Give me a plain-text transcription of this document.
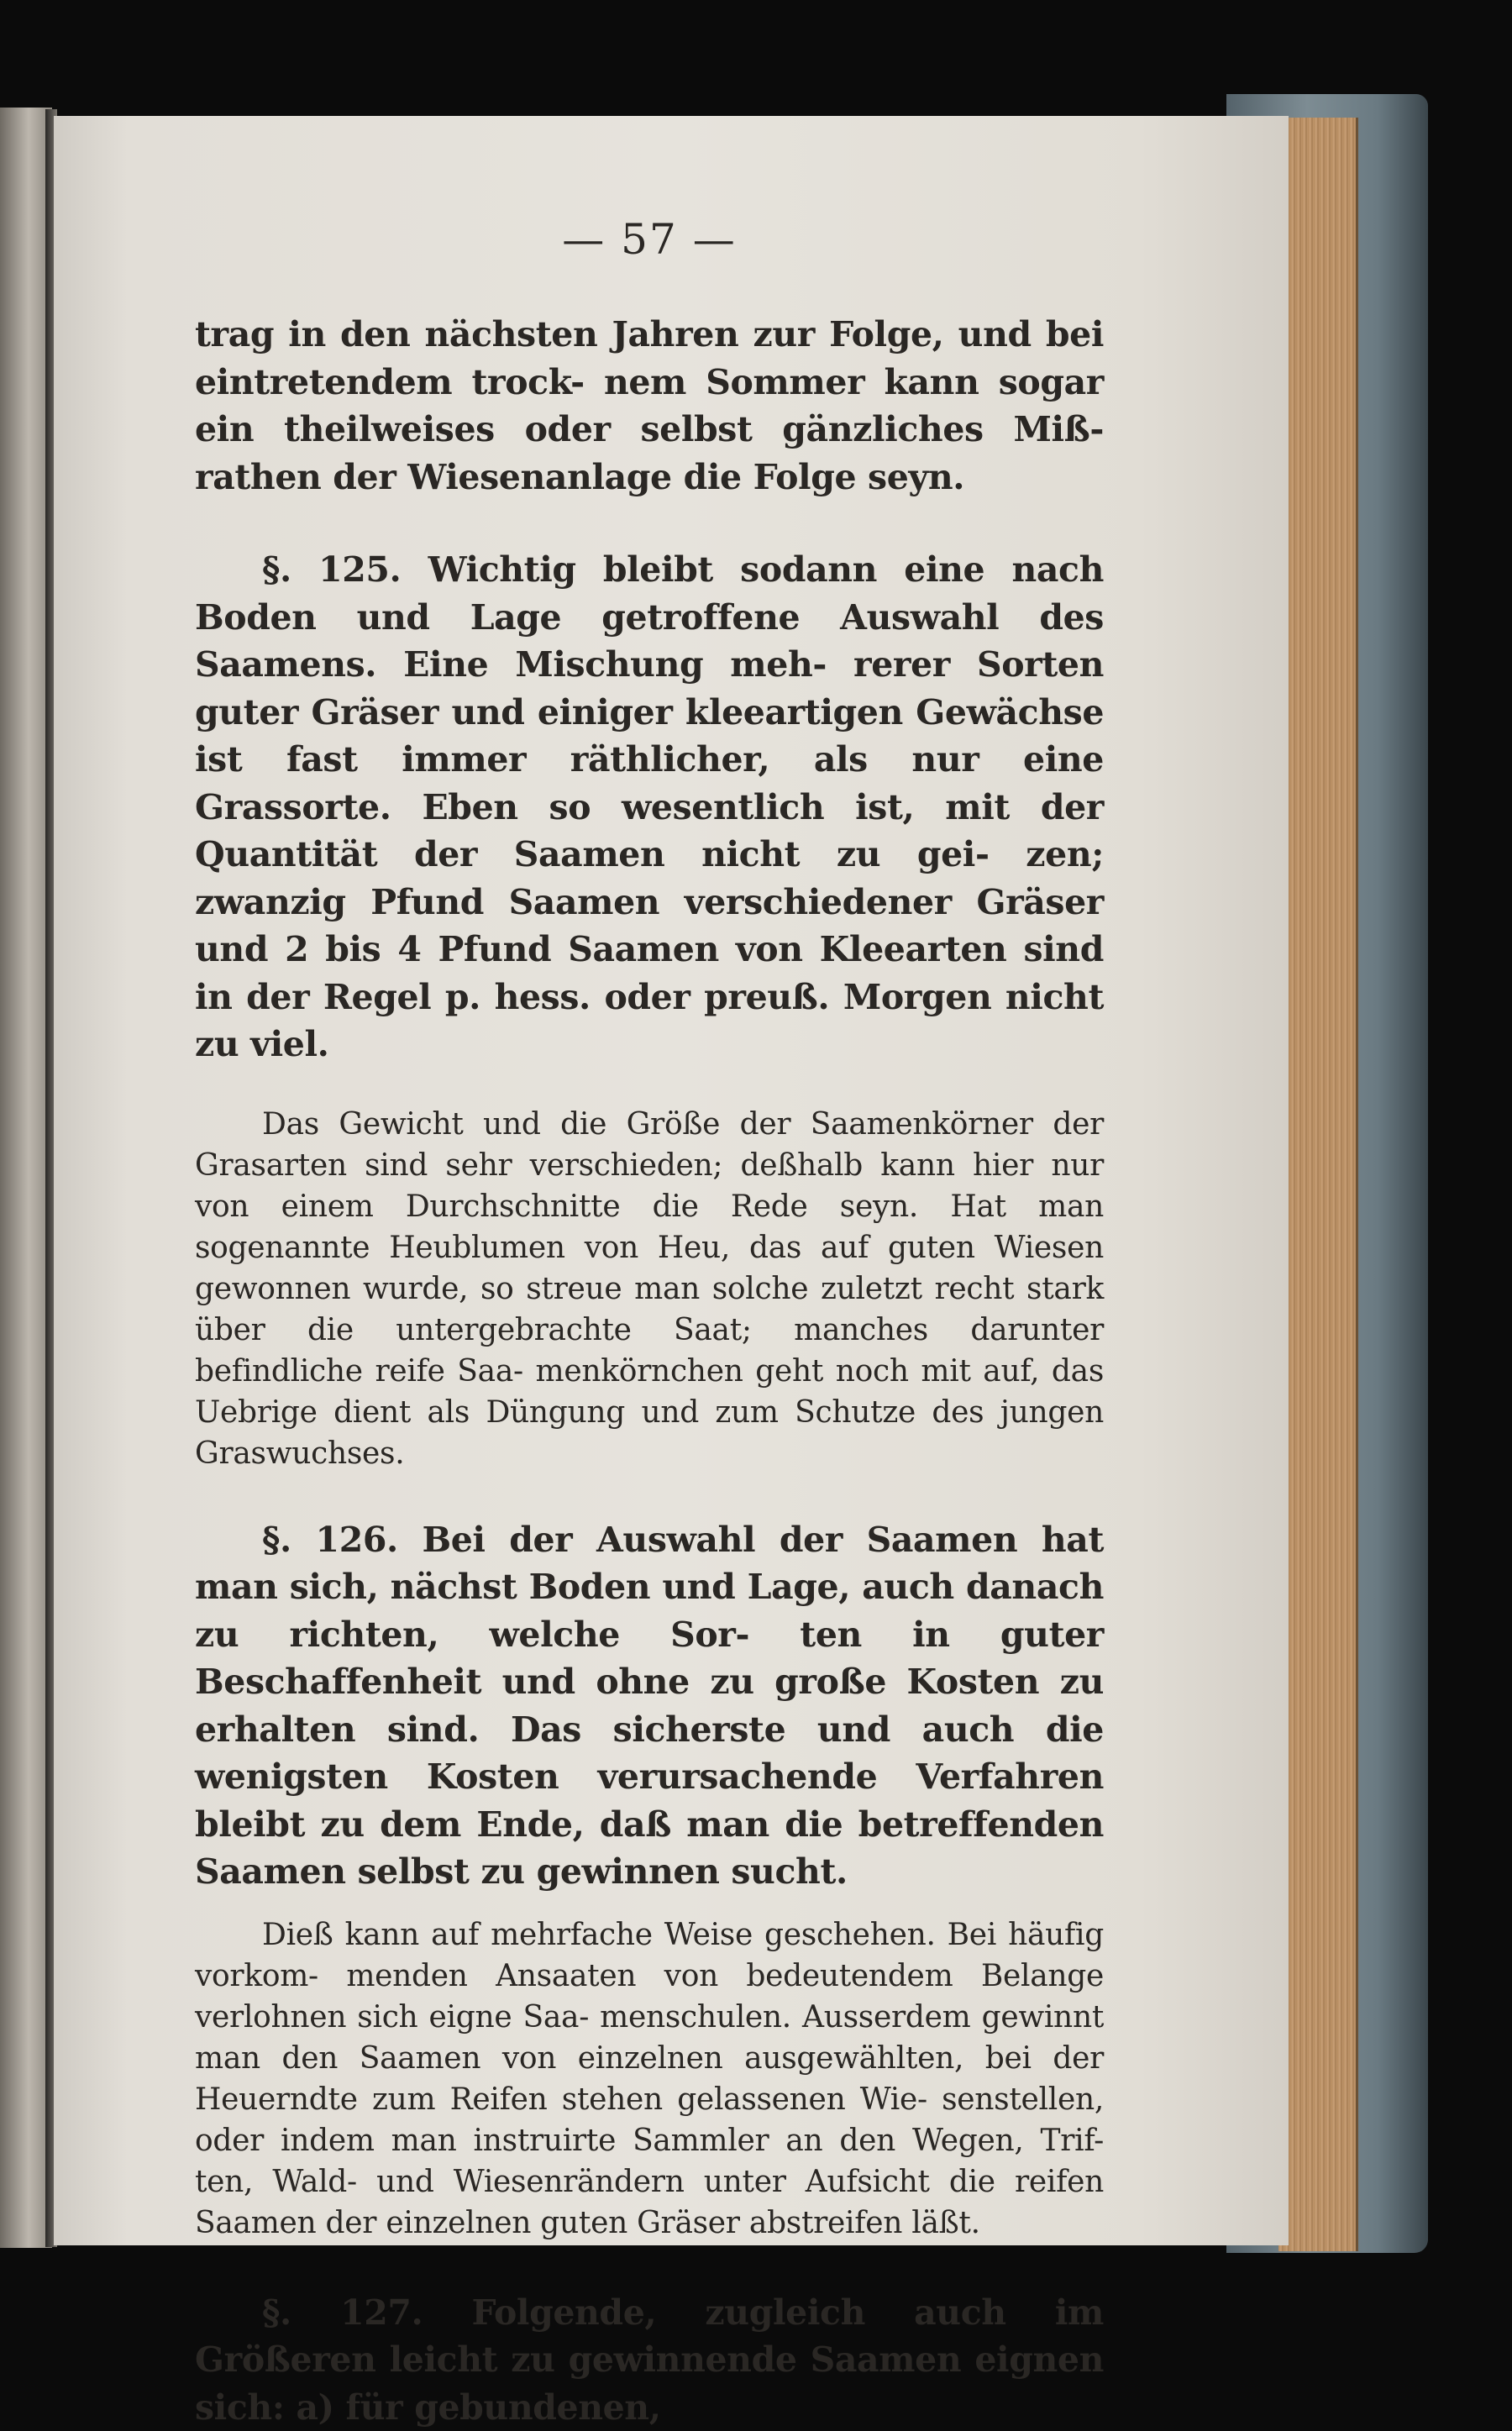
— 57 —

trag in den nächsten Jahren zur Folge, und bei eintretendem trock- nem Sommer kann sogar ein theilweises oder selbst gänzliches Miß- rathen der Wiesenanlage die Folge seyn.

§. 125. Wichtig bleibt sodann eine nach Boden und Lage getroffene Auswahl des Saamens. Eine Mischung meh- rerer Sorten guter Gräser und einiger kleeartigen Gewächse ist fast immer räthlicher, als nur eine Grassorte. Eben so wesentlich ist, mit der Quantität der Saamen nicht zu gei- zen; zwanzig Pfund Saamen verschiedener Gräser und 2 bis 4 Pfund Saamen von Kleearten sind in der Regel p. hess. oder preuß. Morgen nicht zu viel.

Das Gewicht und die Größe der Saamenkörner der Grasarten sind sehr verschieden; deßhalb kann hier nur von einem Durchschnitte die Rede seyn. Hat man sogenannte Heublumen von Heu, das auf guten Wiesen gewonnen wurde, so streue man solche zuletzt recht stark über die untergebrachte Saat; manches darunter befindliche reife Saa- menkörnchen geht noch mit auf, das Uebrige dient als Düngung und zum Schutze des jungen Graswuchses.

§. 126. Bei der Auswahl der Saamen hat man sich, nächst Boden und Lage, auch danach zu richten, welche Sor- ten in guter Beschaffenheit und ohne zu große Kosten zu erhalten sind. Das sicherste und auch die wenigsten Kosten verursachende Verfahren bleibt zu dem Ende, daß man die betreffenden Saamen selbst zu gewinnen sucht.

Dieß kann auf mehrfache Weise geschehen. Bei häufig vorkom- menden Ansaaten von bedeutendem Belange verlohnen sich eigne Saa- menschulen. Ausserdem gewinnt man den Saamen von einzelnen ausgewählten, bei der Heuerndte zum Reifen stehen gelassenen Wie- senstellen, oder indem man instruirte Sammler an den Wegen, Trif- ten, Wald- und Wiesenrändern unter Aufsicht die reifen Saamen der einzelnen guten Gräser abstreifen läßt.

§. 127. Folgende, zugleich auch im Größeren leicht zu gewinnende Saamen eignen sich: a) für gebundenen,
